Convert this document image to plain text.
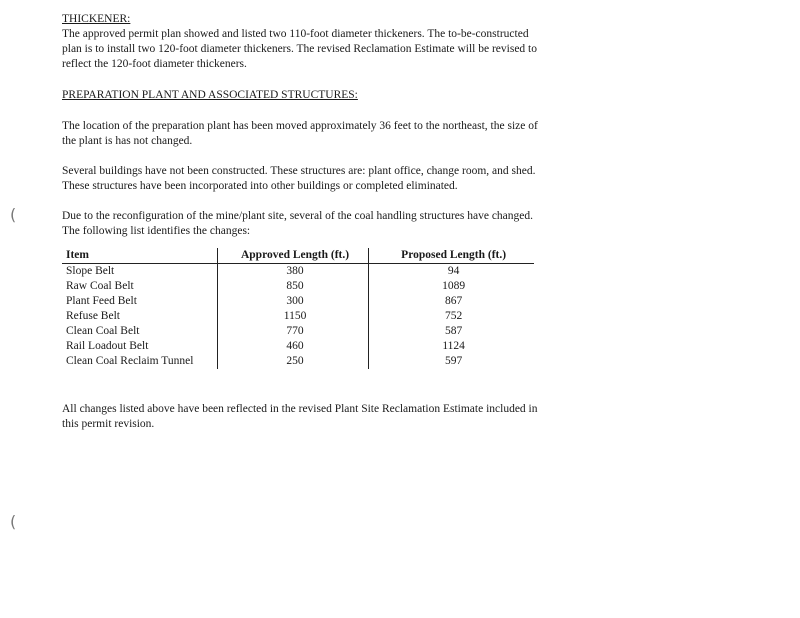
THICKENER:

The approved permit plan showed and listed two 110-foot diameter thickeners. The to-be-constructed plan is to install two 120-foot diameter thickeners. The revised Reclamation Estimate will be revised to reflect the 120-foot diameter thickeners.

PREPARATION PLANT AND ASSOCIATED STRUCTURES:

The location of the preparation plant has been moved approximately 36 feet to the northeast, the size of the plant is has not changed.

Several buildings have not been constructed. These structures are: plant office, change room, and shed. These structures have been incorporated into other buildings or completed eliminated.

Due to the reconfiguration of the mine/plant site, several of the coal handling structures have changed. The following list identifies the changes:

Item	Approved Length (ft.)	Proposed Length (ft.)
Slope Belt	380	94
Raw Coal Belt	850	1089
Plant Feed Belt	300	867
Refuse Belt	1150	752
Clean Coal Belt	770	587
Rail Loadout Belt	460	1124
Clean Coal Reclaim Tunnel	250	597

All changes listed above have been reflected in the revised Plant Site Reclamation Estimate included in this permit revision.

(
(
